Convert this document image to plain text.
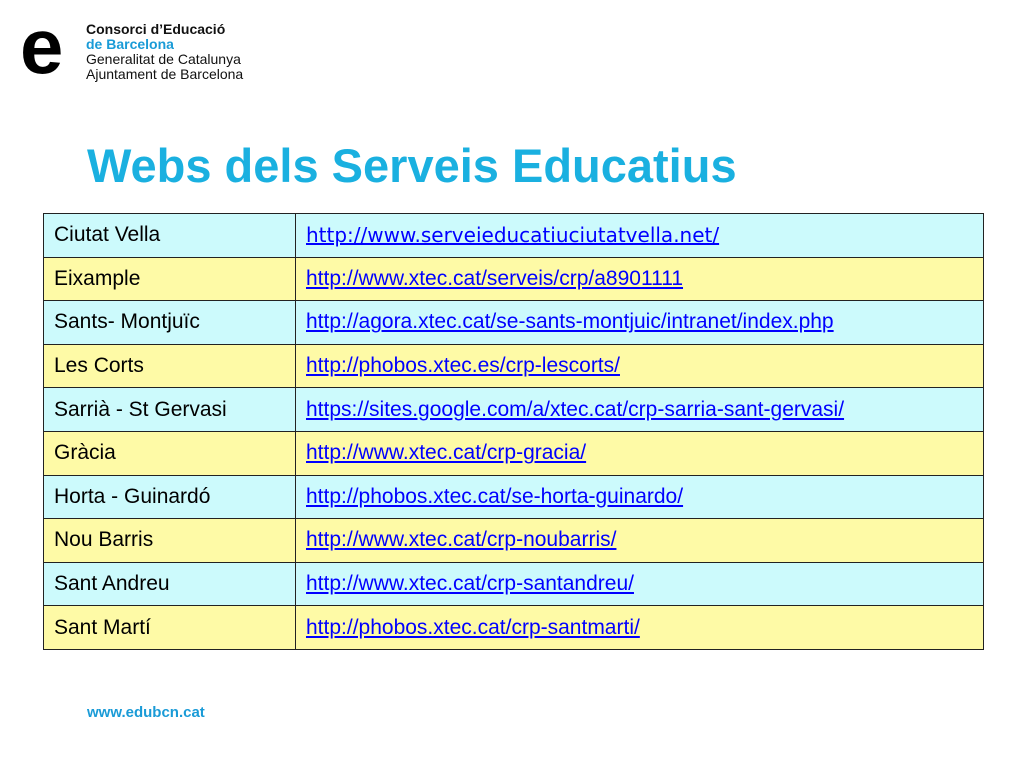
e	Consorci d’Educació
de Barcelona
Generalitat de Catalunya
Ajuntament de Barcelona
Webs dels Serveis Educatius
Ciutat Vella	http://www.serveieducatiuciutatvella.net/
Eixample	http://www.xtec.cat/serveis/crp/a8901111
Sants- Montjuïc	http://agora.xtec.cat/se-sants-montjuic/intranet/index.php
Les Corts	http://phobos.xtec.es/crp-lescorts/
Sarrià - St Gervasi	https://sites.google.com/a/xtec.cat/crp-sarria-sant-gervasi/
Gràcia	http://www.xtec.cat/crp-gracia/
Horta - Guinardó	http://phobos.xtec.cat/se-horta-guinardo/
Nou Barris	http://www.xtec.cat/crp-noubarris/
Sant Andreu	http://www.xtec.cat/crp-santandreu/
Sant Martí	http://phobos.xtec.cat/crp-santmarti/
www.edubcn.cat
